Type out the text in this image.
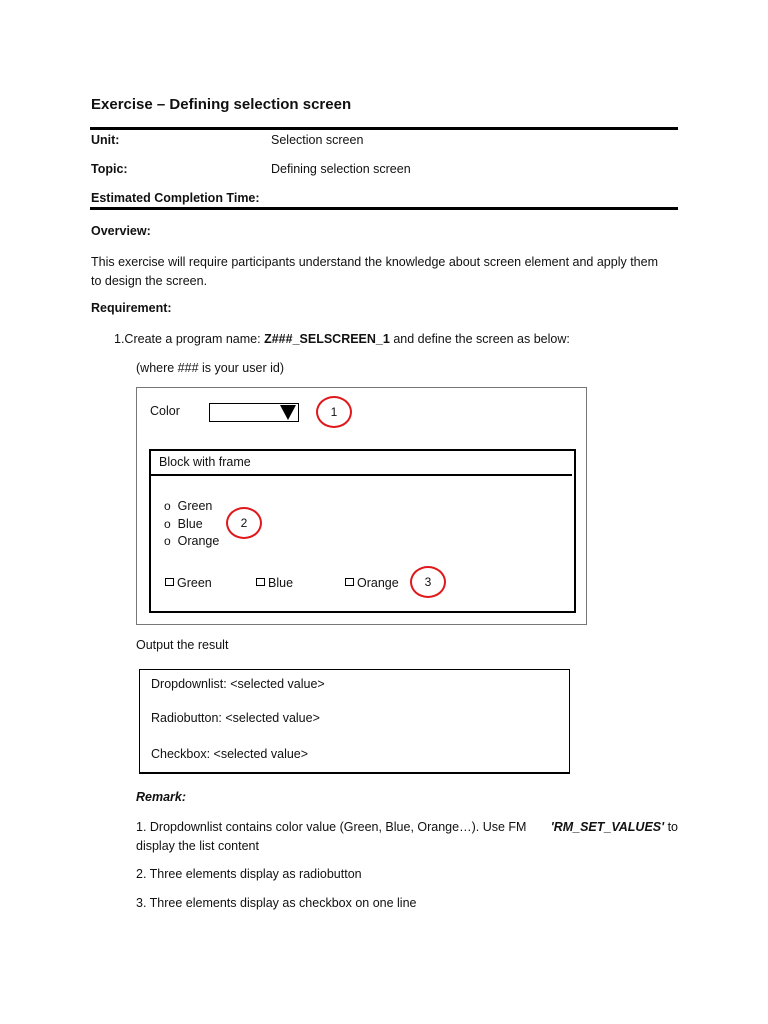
Exercise – Defining selection screen
Unit:	Selection screen
Topic:	Defining selection screen
Estimated Completion Time:
Overview:
This exercise will require participants understand the knowledge about screen element and apply them
to design the screen.
Requirement:
1.Create a program name: Z###_SELSCREEN_1 and define the screen as below:
(where ### is your user id)
Color	1
Block with frame
o Green
o Blue
o Orange
2
Green	Blue	Orange	3
Output the result
Dropdownlist: <selected value>
Radiobutton: <selected value>
Checkbox: <selected value>
Remark:
1. Dropdownlist contains color value (Green, Blue, Orange…). Use FM 'RM_SET_VALUES' to
display the list content
2. Three elements display as radiobutton
3. Three elements display as checkbox on one line
